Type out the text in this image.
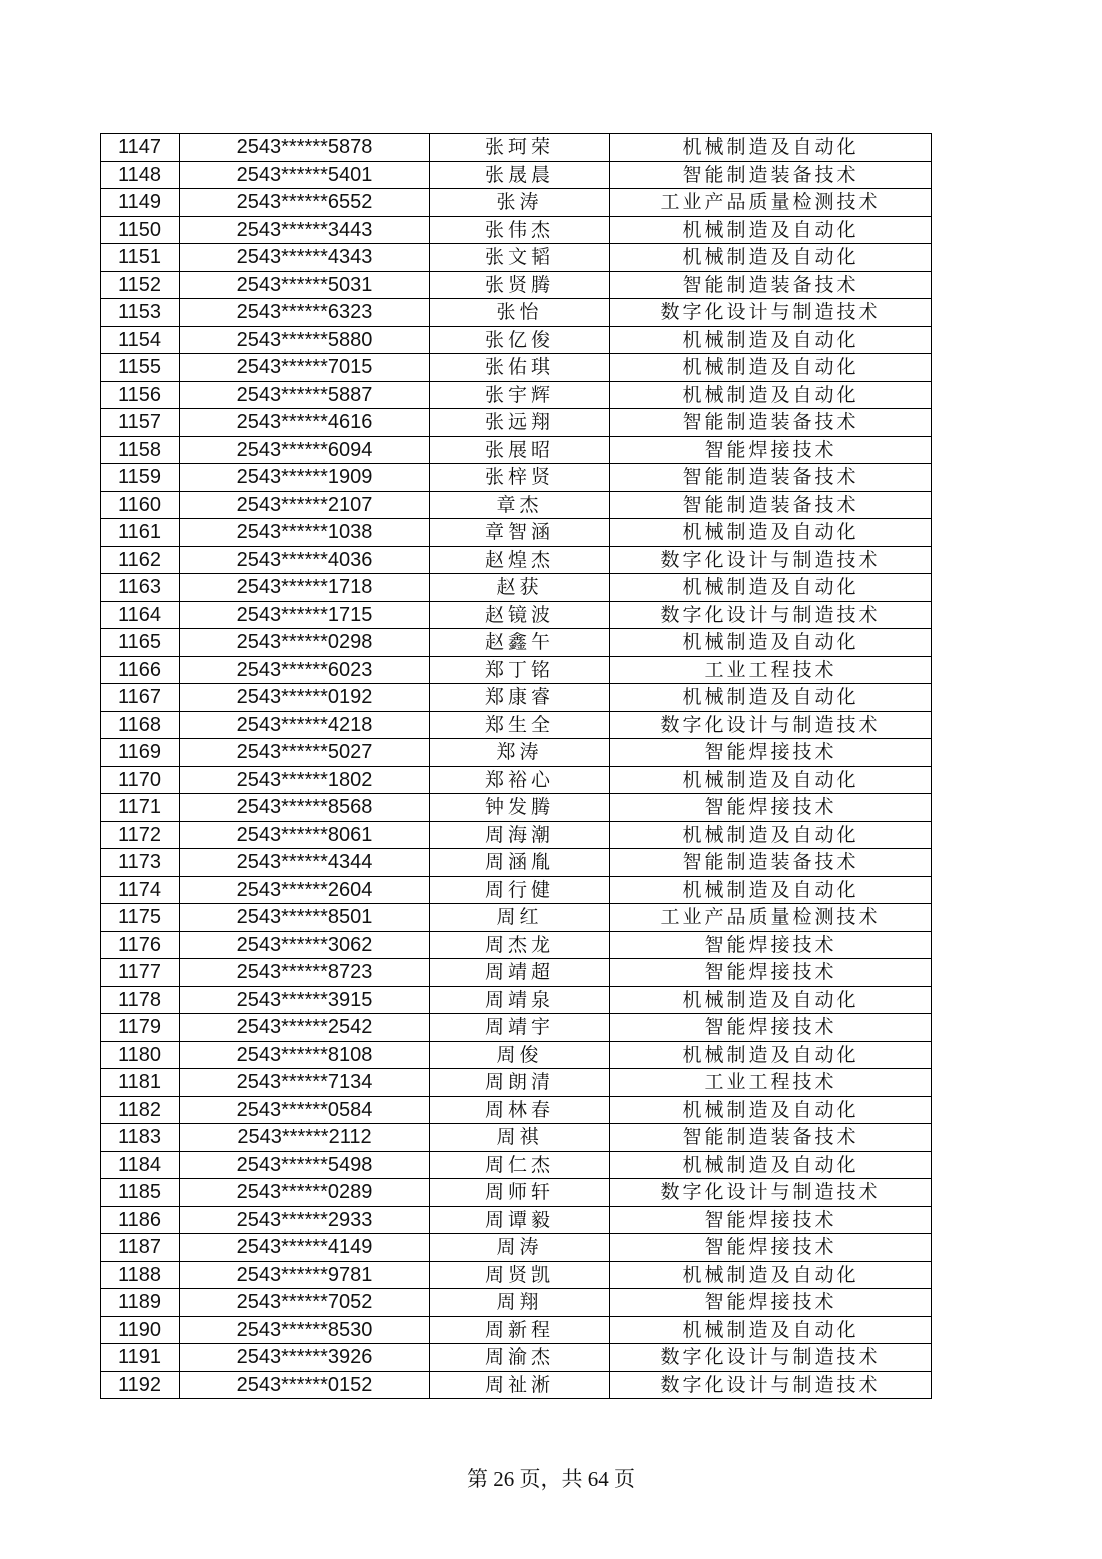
1147	2543******5878	张珂荣	机械制造及自动化
1148	2543******5401	张晟晨	智能制造装备技术
1149	2543******6552	张涛	工业产品质量检测技术
1150	2543******3443	张伟杰	机械制造及自动化
1151	2543******4343	张文韬	机械制造及自动化
1152	2543******5031	张贤腾	智能制造装备技术
1153	2543******6323	张怡	数字化设计与制造技术
1154	2543******5880	张亿俊	机械制造及自动化
1155	2543******7015	张佑琪	机械制造及自动化
1156	2543******5887	张宇辉	机械制造及自动化
1157	2543******4616	张远翔	智能制造装备技术
1158	2543******6094	张展昭	智能焊接技术
1159	2543******1909	张梓贤	智能制造装备技术
1160	2543******2107	章杰	智能制造装备技术
1161	2543******1038	章智涵	机械制造及自动化
1162	2543******4036	赵煌杰	数字化设计与制造技术
1163	2543******1718	赵获	机械制造及自动化
1164	2543******1715	赵镜波	数字化设计与制造技术
1165	2543******0298	赵鑫午	机械制造及自动化
1166	2543******6023	郑丁铭	工业工程技术
1167	2543******0192	郑康睿	机械制造及自动化
1168	2543******4218	郑生全	数字化设计与制造技术
1169	2543******5027	郑涛	智能焊接技术
1170	2543******1802	郑裕心	机械制造及自动化
1171	2543******8568	钟发腾	智能焊接技术
1172	2543******8061	周海潮	机械制造及自动化
1173	2543******4344	周涵胤	智能制造装备技术
1174	2543******2604	周行健	机械制造及自动化
1175	2543******8501	周红	工业产品质量检测技术
1176	2543******3062	周杰龙	智能焊接技术
1177	2543******8723	周靖超	智能焊接技术
1178	2543******3915	周靖泉	机械制造及自动化
1179	2543******2542	周靖宇	智能焊接技术
1180	2543******8108	周俊	机械制造及自动化
1181	2543******7134	周朗清	工业工程技术
1182	2543******0584	周林春	机械制造及自动化
1183	2543******2112	周祺	智能制造装备技术
1184	2543******5498	周仁杰	机械制造及自动化
1185	2543******0289	周师轩	数字化设计与制造技术
1186	2543******2933	周谭毅	智能焊接技术
1187	2543******4149	周涛	智能焊接技术
1188	2543******9781	周贤凯	机械制造及自动化
1189	2543******7052	周翔	智能焊接技术
1190	2543******8530	周新程	机械制造及自动化
1191	2543******3926	周渝杰	数字化设计与制造技术
1192	2543******0152	周祉淅	数字化设计与制造技术
第 26 页，共 64 页
